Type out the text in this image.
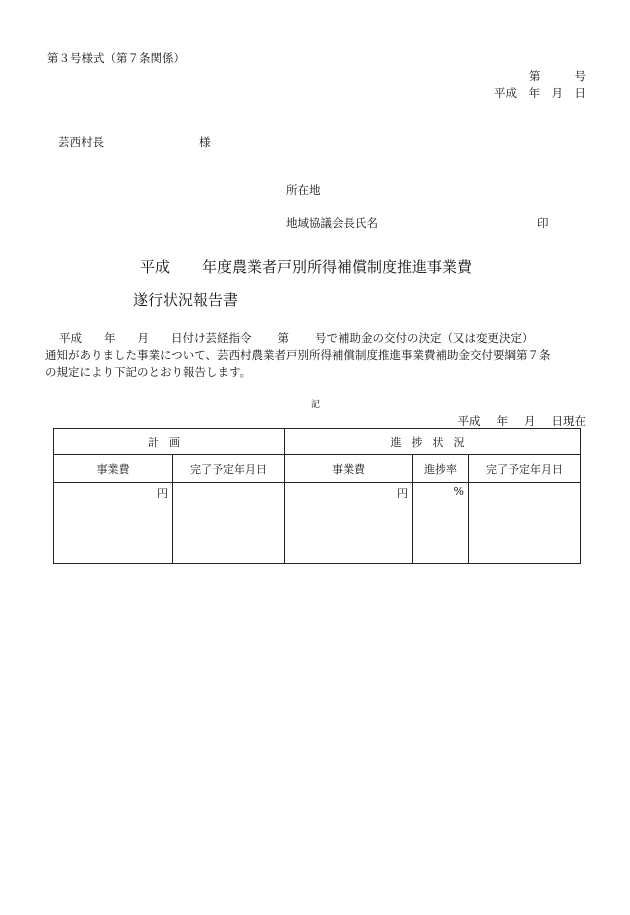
第３号様式（第７条関係）
第	号
平成　年　月　日
芸西村長	様
所在地
地域協議会長氏名	印
平成 年度農業者戸別所得補償制度推進事業費
遂行状況報告書
平成 年 月 日付け芸経指令 第 号で補助金の交付の決定（又は変更決定）
通知がありました事業について、芸西村農業者戸別所得補償制度推進事業費補助金交付要綱第７条
の規定により下記のとおり報告します。
記
平成 年 月 日現在
計画		進捗状況		
事業費	完了予定年月日	事業費	進捗率	完了予定年月日
円		円	%	
